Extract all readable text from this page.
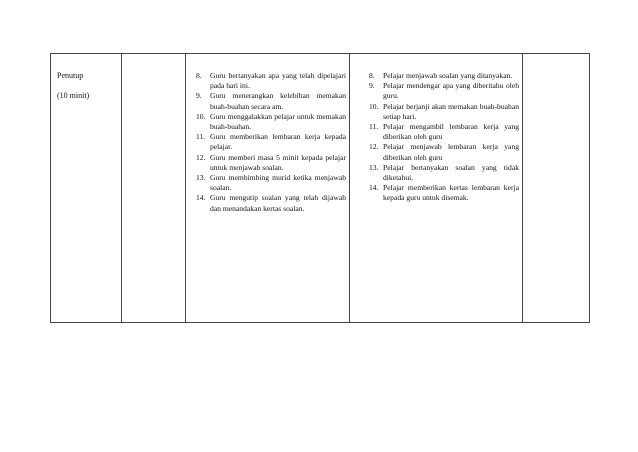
Penutup
(10 minit)
8. Guru bertanyakan apa yang telah dipelajari pada hari ini.
9. Guru menerangkan kelebihan memakan buah-buahan secara am.
10. Guru menggalakkan pelajar untuk memakan buah-buahan.
11. Guru memberikan lembaran kerja kepada pelajar.
12. Guru memberi masa 5 minit kepada pelajar untuk menjawab soalan.
13. Guru membimbing murid ketika menjawab soalan.
14. Guru mengutip soalan yang telah dijawab dan menandakan kertas soalan.
8. Pelajar menjawab soalan yang ditanyakan.
9. Pelajar mendengar apa yang diberitahu oleh guru.
10. Pelajar berjanji akan memakan buah-buahan setiap hari.
11. Pelajar mengambil lembaran kerja yang diberikan oleh guru
12. Pelajar menjawab lembaran kerja yang diberikan oleh guru
13. Pelajar bertanyakan soalan yang tidak diketahui.
14. Pelajar memberikan kertas lembaran kerja kepada guru untuk disemak.
